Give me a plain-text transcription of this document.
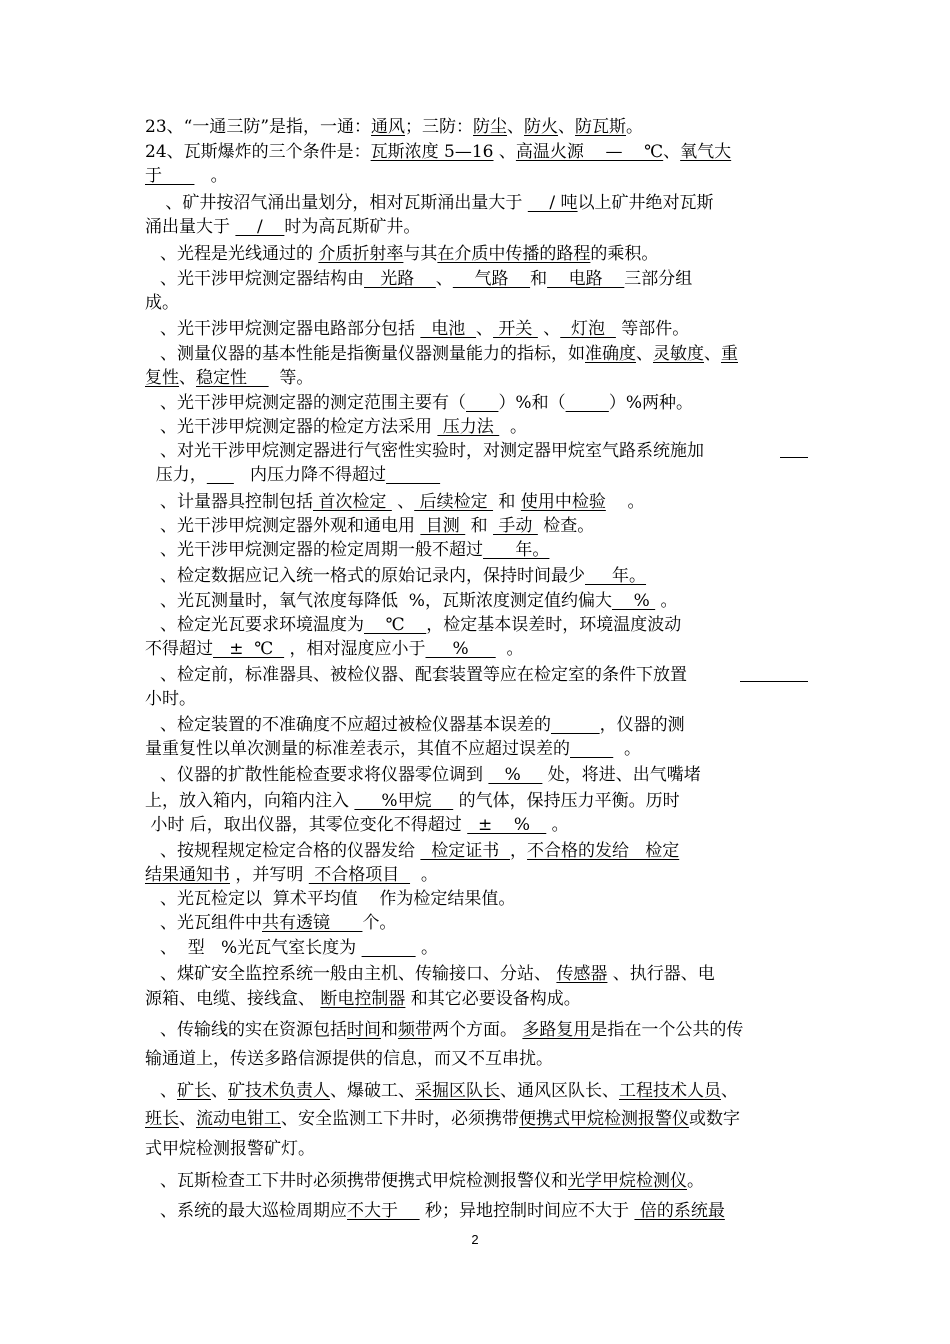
23、“一通三防”是指，一通：通风；三防：防尘、防火、防瓦斯。
24、瓦斯爆炸的三个条件是：瓦斯浓度 5—16 、高温火源    —    ℃、氧气大
于         。
、矿井按沼气涌出量划分，相对瓦斯涌出量大于     / 吨以上矿井绝对瓦斯
涌出量大于     /    时为高瓦斯矿井。
、光程是光线通过的 介质折射率与其在介质中传播的路程的乘积。
、光干涉甲烷测定器结构由   光路    、    气路    和    电路    三部分组
成。
、光干涉甲烷测定器电路部分包括   电池  、 开关  、  灯泡   等部件。
、测量仪器的基本性能是指衡量仪器测量能力的指标，如准确度、灵敏度、重
复性、稳定性      等。
、光干涉甲烷测定器的测定范围主要有（ ）%和（	）%两种。
、光干涉甲烷测定器的检定方法采用  压力法   。
、对光干涉甲烷测定器进行气密性实验时，对测定器甲烷室气路系统施加
压力，        内压力降不得超过
、计量器具控制包括 首次检定  、 后续检定  和 使用中检验    。
、光干涉甲烷测定器外观和通电用  目测  和  手动  检查。
、光干涉甲烷测定器的检定周期一般不超过      年。
、检定数据应记入统一格式的原始记录内，保持时间最少     年。
、光瓦测量时，氧气浓度每降低  %，瓦斯浓度测定值约偏大    %  。
、检定光瓦要求环境温度为    ℃    ，检定基本误差时，环境温度波动
不得超过   ±  ℃   ，相对湿度应小于     %       。
、检定前，标准器具、被检仪器、配套装置等应在检定室的条件下放置
小时。
、检定装置的不准确度不应超过被检仪器基本误差的	，仪器的测
量重复性以单次测量的标准差表示，其值不应超过误差的	。
、仪器的扩散性能检查要求将仪器零位调到    %     处，将进、出气嘴堵
上，放入箱内，向箱内注入      %甲烷     的气体，保持压力平衡。历时
小时 后，取出仪器，其零位变化不得超过   ±    %    。
、按规程规定检定合格的仪器发给   检定证书  ，不合格的发给   检定
结果通知书 ，并写明  不合格项目    。
、光瓦检定以  算术平均值    作为检定结果值。
、光瓦组件中共有透镜      个。
、  型   %光瓦气室长度为	。
、煤矿安全监控系统一般由主机、传输接口、分站、 传感器 、执行器、电
源箱、电缆、接线盒、 断电控制器 和其它必要设备构成。
、传输线的实在资源包括时间和频带两个方面。 多路复用是指在一个公共的传
输通道上，传送多路信源提供的信息，而又不互串扰。
、矿长、矿技术负责人、爆破工、采掘区队长、通风区队长、工程技术人员、
班长、流动电钳工、安全监测工下井时，必须携带便携式甲烷检测报警仪或数字
式甲烷检测报警矿灯。
、瓦斯检查工下井时必须携带便携式甲烷检测报警仪和光学甲烷检测仪。
、系统的最大巡检周期应不大于     秒；异地控制时间应不大于  倍的系统最
2
